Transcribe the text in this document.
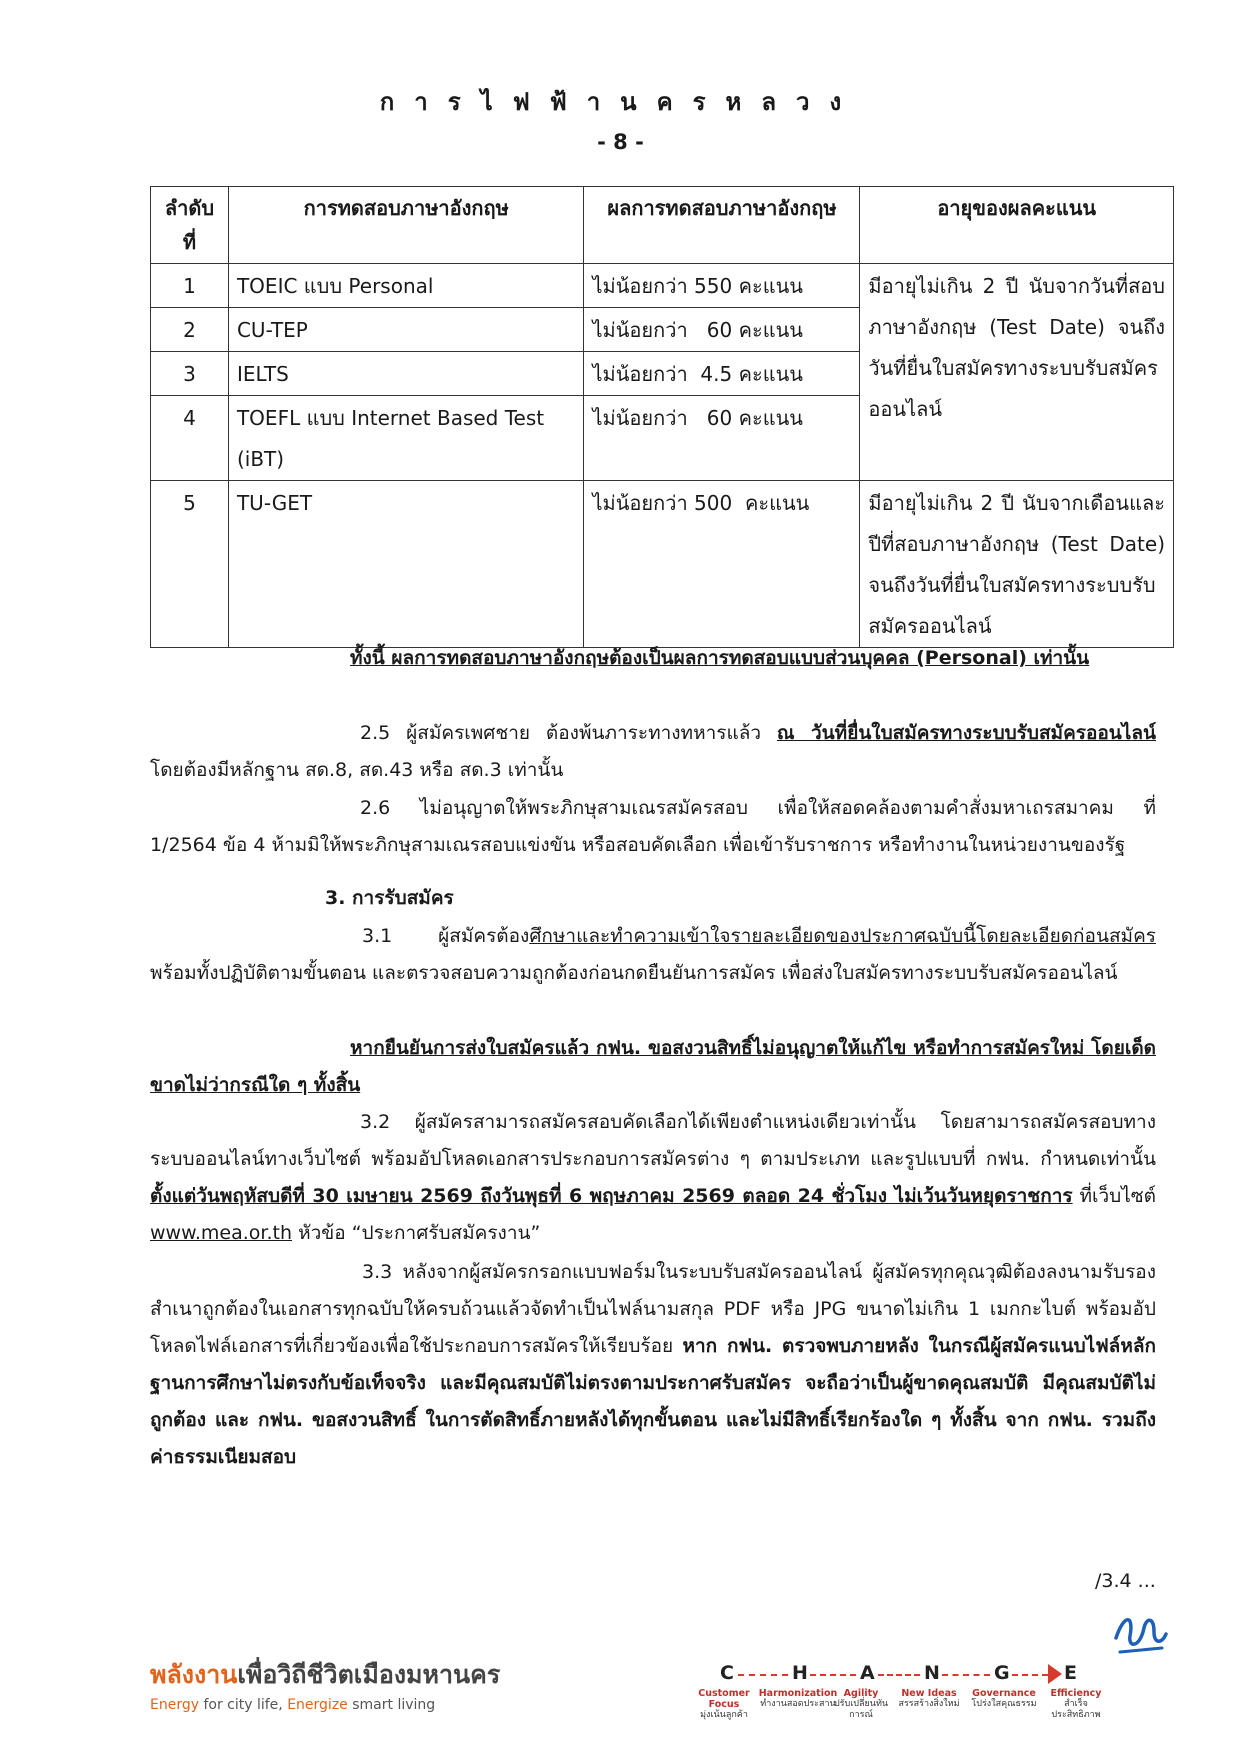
การไฟฟ้านครหลวง
- 8 -
ลำดับที่	การทดสอบภาษาอังกฤษ	ผลการทดสอบภาษาอังกฤษ	อายุของผลคะแนน
1	TOEIC แบบ Personal	ไม่น้อยกว่า 550 คะแนน	มีอายุไม่เกิน 2 ปี นับจากวันที่สอบภาษาอังกฤษ (Test Date) จนถึงวันที่ยื่นใบสมัครทางระบบรับสมัครออนไลน์
2	CU-TEP	ไม่น้อยกว่า   60 คะแนน	
3	IELTS	ไม่น้อยกว่า  4.5 คะแนน	
4	TOEFL แบบ Internet Based Test (iBT)	ไม่น้อยกว่า   60 คะแนน	
5	TU-GET	ไม่น้อยกว่า 500  คะแนน	มีอายุไม่เกิน 2 ปี นับจากเดือนและปีที่สอบภาษาอังกฤษ (Test Date) จนถึงวันที่ยื่นใบสมัครทางระบบรับสมัครออนไลน์
ทั้งนี้ ผลการทดสอบภาษาอังกฤษต้องเป็นผลการทดสอบแบบส่วนบุคคล (Personal) เท่านั้น
2.5 ผู้สมัครเพศชาย ต้องพ้นภาระทางทหารแล้ว ณ วันที่ยื่นใบสมัครทางระบบรับสมัครออนไลน์ โดยต้องมีหลักฐาน สด.8, สด.43 หรือ สด.3 เท่านั้น
2.6 ไม่อนุญาตให้พระภิกษุสามเณรสมัครสอบ เพื่อให้สอดคล้องตามคำสั่งมหาเถรสมาคม ที่ 1/2564 ข้อ 4 ห้ามมิให้พระภิกษุสามเณรสอบแข่งขัน หรือสอบคัดเลือก เพื่อเข้ารับราชการ หรือทำงานในหน่วยงานของรัฐ
3. การรับสมัคร
3.1 ผู้สมัครต้องศึกษาและทำความเข้าใจรายละเอียดของประกาศฉบับนี้โดยละเอียดก่อนสมัครพร้อมทั้งปฏิบัติตามขั้นตอน และตรวจสอบความถูกต้องก่อนกดยืนยันการสมัคร เพื่อส่งใบสมัครทางระบบรับสมัครออนไลน์
หากยืนยันการส่งใบสมัครแล้ว กฟน. ขอสงวนสิทธิ์ไม่อนุญาตให้แก้ไข หรือทำการสมัครใหม่ โดยเด็ดขาดไม่ว่ากรณีใด ๆ ทั้งสิ้น
3.2 ผู้สมัครสามารถสมัครสอบคัดเลือกได้เพียงตำแหน่งเดียวเท่านั้น โดยสามารถสมัครสอบทางระบบออนไลน์ทางเว็บไซต์ พร้อมอัปโหลดเอกสารประกอบการสมัครต่าง ๆ ตามประเภท และรูปแบบที่ กฟน. กำหนดเท่านั้น ตั้งแต่วันพฤหัสบดีที่ 30 เมษายน 2569 ถึงวันพุธที่ 6 พฤษภาคม 2569 ตลอด 24 ชั่วโมง ไม่เว้นวันหยุดราชการ ที่เว็บไซต์ www.mea.or.th หัวข้อ “ประกาศรับสมัครงาน”
3.3 หลังจากผู้สมัครกรอกแบบฟอร์มในระบบรับสมัครออนไลน์ ผู้สมัครทุกคุณวุฒิต้องลงนามรับรองสำเนาถูกต้องในเอกสารทุกฉบับให้ครบถ้วนแล้วจัดทำเป็นไฟล์นามสกุล PDF หรือ JPG ขนาดไม่เกิน 1 เมกกะไบต์ พร้อมอัปโหลดไฟล์เอกสารที่เกี่ยวข้องเพื่อใช้ประกอบการสมัครให้เรียบร้อย หาก กฟน. ตรวจพบภายหลัง ในกรณีผู้สมัครแนบไฟล์หลักฐานการศึกษาไม่ตรงกับข้อเท็จจริง และมีคุณสมบัติไม่ตรงตามประกาศรับสมัคร จะถือว่าเป็นผู้ขาดคุณสมบัติ มีคุณสมบัติไม่ถูกต้อง และ กฟน. ขอสงวนสิทธิ์ ในการตัดสิทธิ์ภายหลังได้ทุกขั้นตอน และไม่มีสิทธิ์เรียกร้องใด ๆ ทั้งสิ้น จาก กฟน. รวมถึงค่าธรรมเนียมสอบ
/3.4 ...
พลังงานเพื่อวิถีชีวิตเมืองมหานคร
Energy for city life, Energize smart living
C	H	A	N	G	E
Customer Focus
มุ่งเน้นลูกค้า
Harmonization
ทำงานสอดประสาน
Agility
ปรับเปลี่ยนทันการณ์
New Ideas
สรรสร้างสิ่งใหม่
Governance
โปร่งใสคุณธรรม
Efficiency
สำเร็จประสิทธิภาพ
